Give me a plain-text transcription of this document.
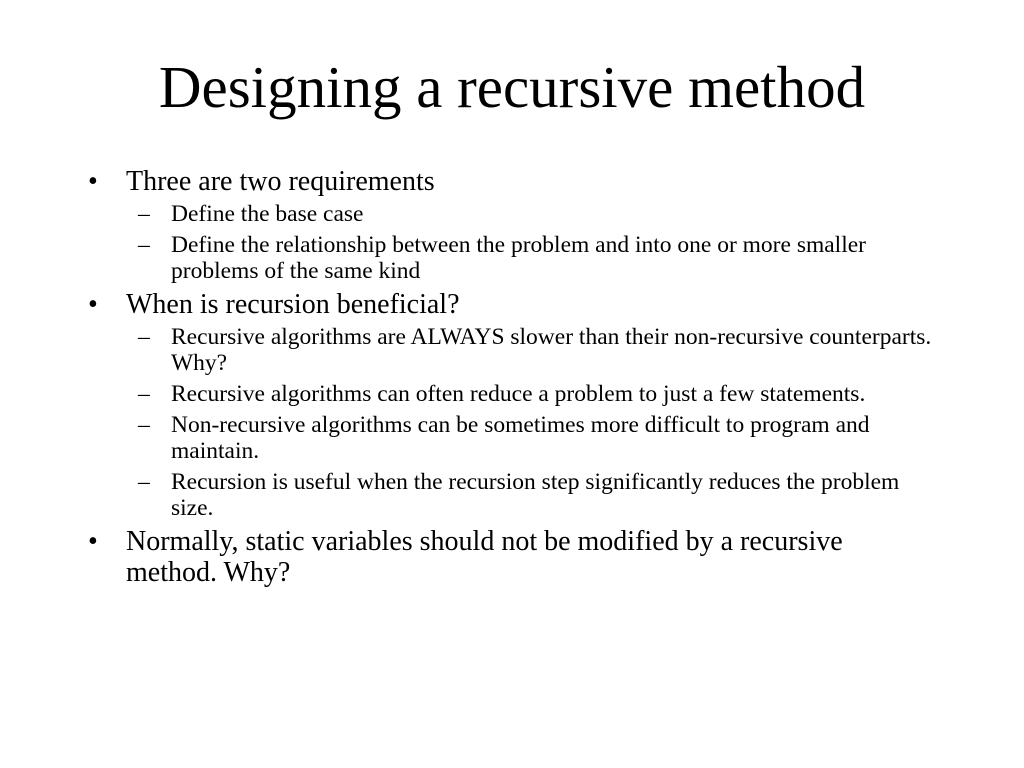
Designing a recursive method
• Three are two requirements
– Define the base case
– Define the relationship between the problem and into one or more smaller problems of the same kind
• When is recursion beneficial?
– Recursive algorithms are ALWAYS slower than their non-recursive counterparts. Why?
– Recursive algorithms can often reduce a problem to just a few statements.
– Non-recursive algorithms can be sometimes more difficult to program and maintain.
– Recursion is useful when the recursion step significantly reduces the problem size.
• Normally, static variables should not be modified by a recursive method. Why?
